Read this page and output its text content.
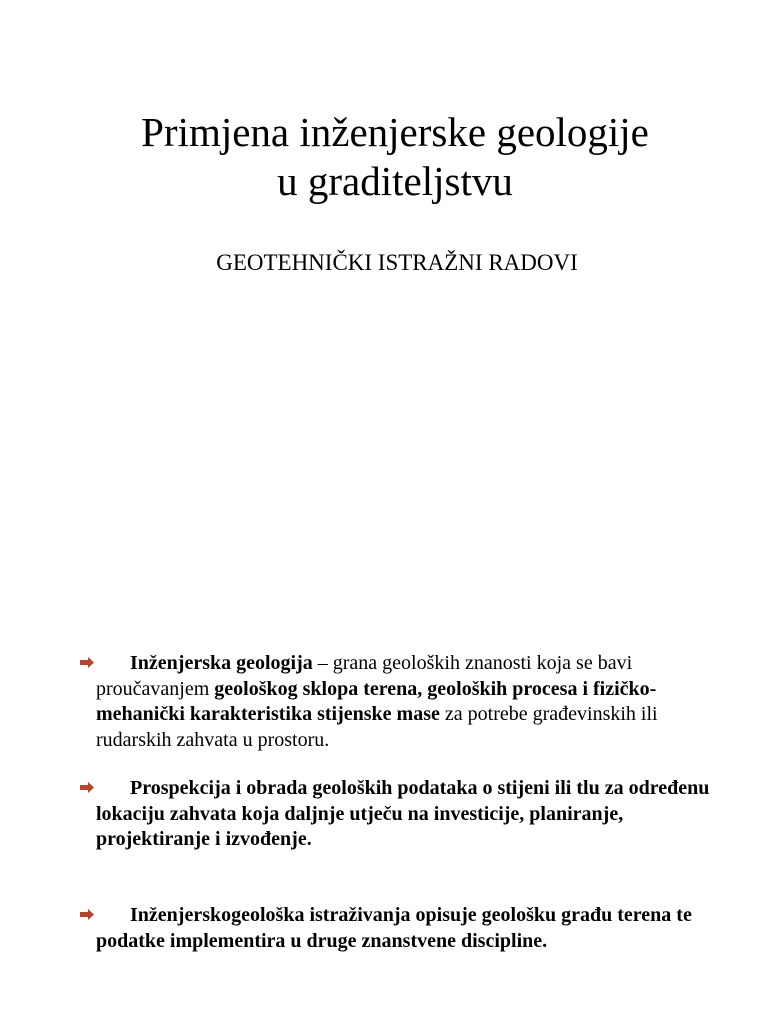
Primjena inženjerske geologije
u graditeljstvu
GEOTEHNIČKI ISTRAŽNI RADOVI
Inženjerska geologija – grana geoloških znanosti koja se bavi proučavanjem geološkog sklopa terena, geoloških procesa i fizičko-mehanički karakteristika stijenske mase za potrebe građevinskih ili rudarskih zahvata u prostoru.
Prospekcija i obrada geoloških podataka o stijeni ili tlu za određenu lokaciju zahvata koja daljnje utječu na investicije, planiranje, projektiranje i izvođenje.
Inženjerskogeološka istraživanja opisuje geološku građu terena te podatke implementira u druge znanstvene discipline.
